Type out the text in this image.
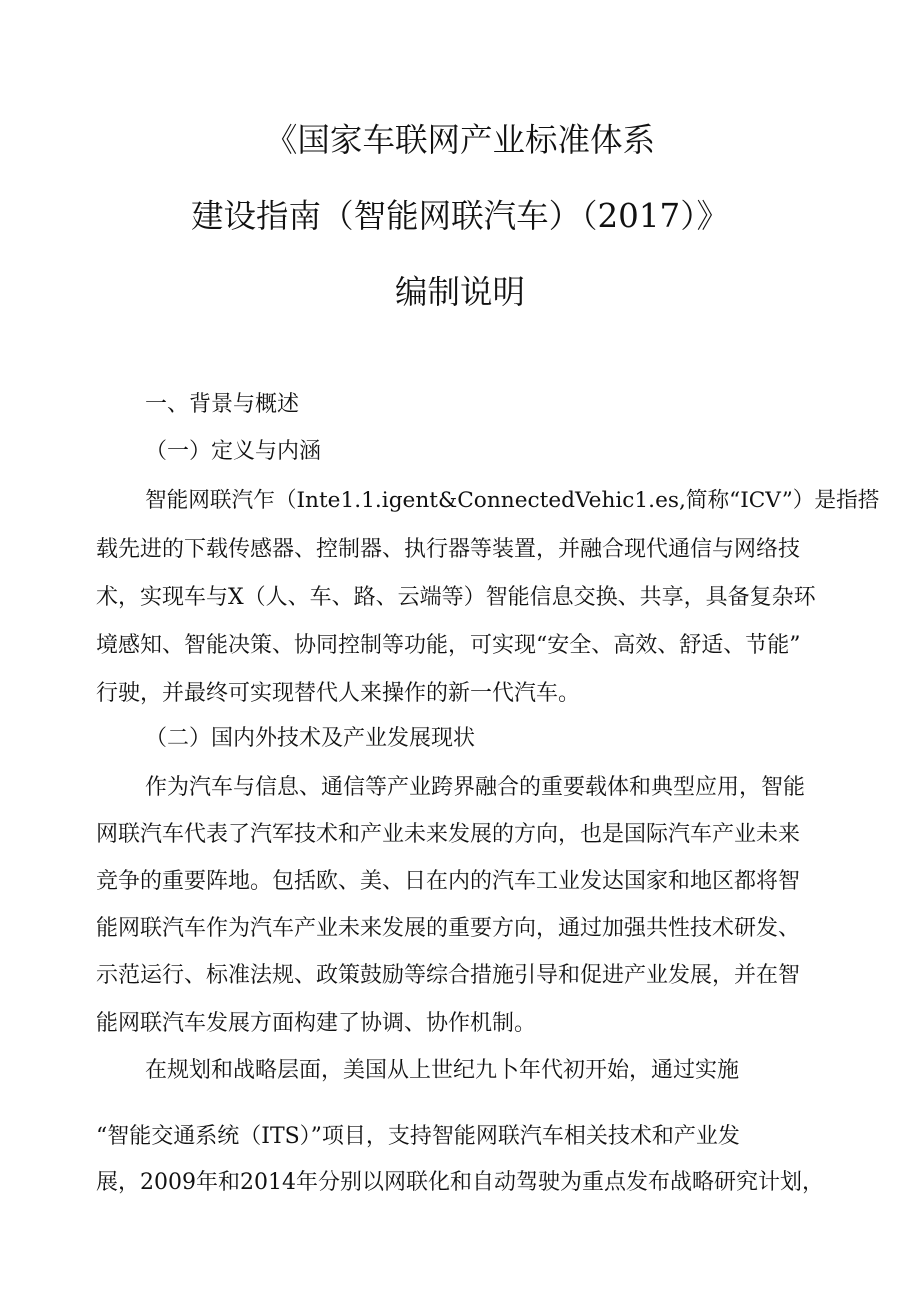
《国家车联网产业标准体系
建设指南（智能网联汽车）（2017）》
编制说明
一、背景与概述
（一）定义与内涵
智能网联汽乍（Inte1.1.igent&ConnectedVehic1.es,简称“ICV”）是指搭
载先进的下载传感器、控制器、执行器等装置，并融合现代通信与网络技
术，实现车与X（人、车、路、云端等）智能信息交换、共享，具备复杂环
境感知、智能决策、协同控制等功能，可实现“安全、高效、舒适、节能”
行驶，并最终可实现替代人来操作的新一代汽车。
（二）国内外技术及产业发展现状
作为汽车与信息、通信等产业跨界融合的重要载体和典型应用，智能
网联汽车代表了汽军技术和产业未来发展的方向，也是国际汽车产业未来
竞争的重要阵地。包括欧、美、日在内的汽车工业发达国家和地区都将智
能网联汽车作为汽车产业未来发展的重要方向，通过加强共性技术研发、
示范运行、标准法规、政策鼓励等综合措施引导和促进产业发展，并在智
能网联汽车发展方面构建了协调、协作机制。
在规划和战略层面，美国从上世纪九卜年代初开始，通过实施
“智能交通系统（ITS）”项目，支持智能网联汽车相关技术和产业发
展，2009年和2014年分别以网联化和自动驾驶为重点发布战略研究计划，
